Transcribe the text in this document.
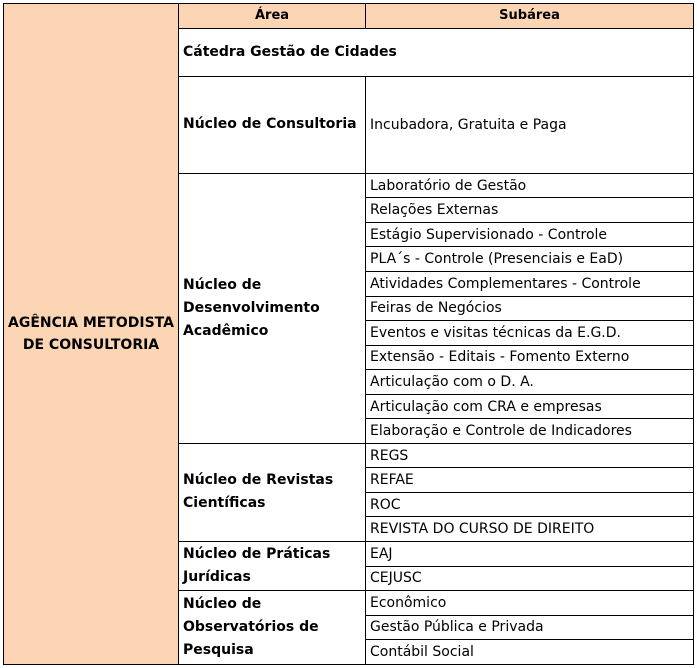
AGÊNCIA METODISTA DE CONSULTORIA	Área	Subárea
	Cátedra Gestão de Cidades	
	Núcleo de Consultoria	Incubadora, Gratuita e Paga
	Núcleo de Desenvolvimento Acadêmico	Laboratório de Gestão
		Relações Externas
		Estágio Supervisionado - Controle
		PLA´s - Controle (Presenciais e EaD)
		Atividades Complementares - Controle
		Feiras de Negócios
		Eventos e visitas técnicas da E.G.D.
		Extensão - Editais - Fomento Externo
		Articulação com o D. A.
		Articulação com CRA e empresas
		Elaboração e Controle de Indicadores
	Núcleo de Revistas Científicas	REGS
		REFAE
		ROC
		REVISTA DO CURSO DE DIREITO
	Núcleo de Práticas Jurídicas	EAJ
		CEJUSC
	Núcleo de Observatórios de Pesquisa	Econômico
		Gestão Pública e Privada
		Contábil Social
